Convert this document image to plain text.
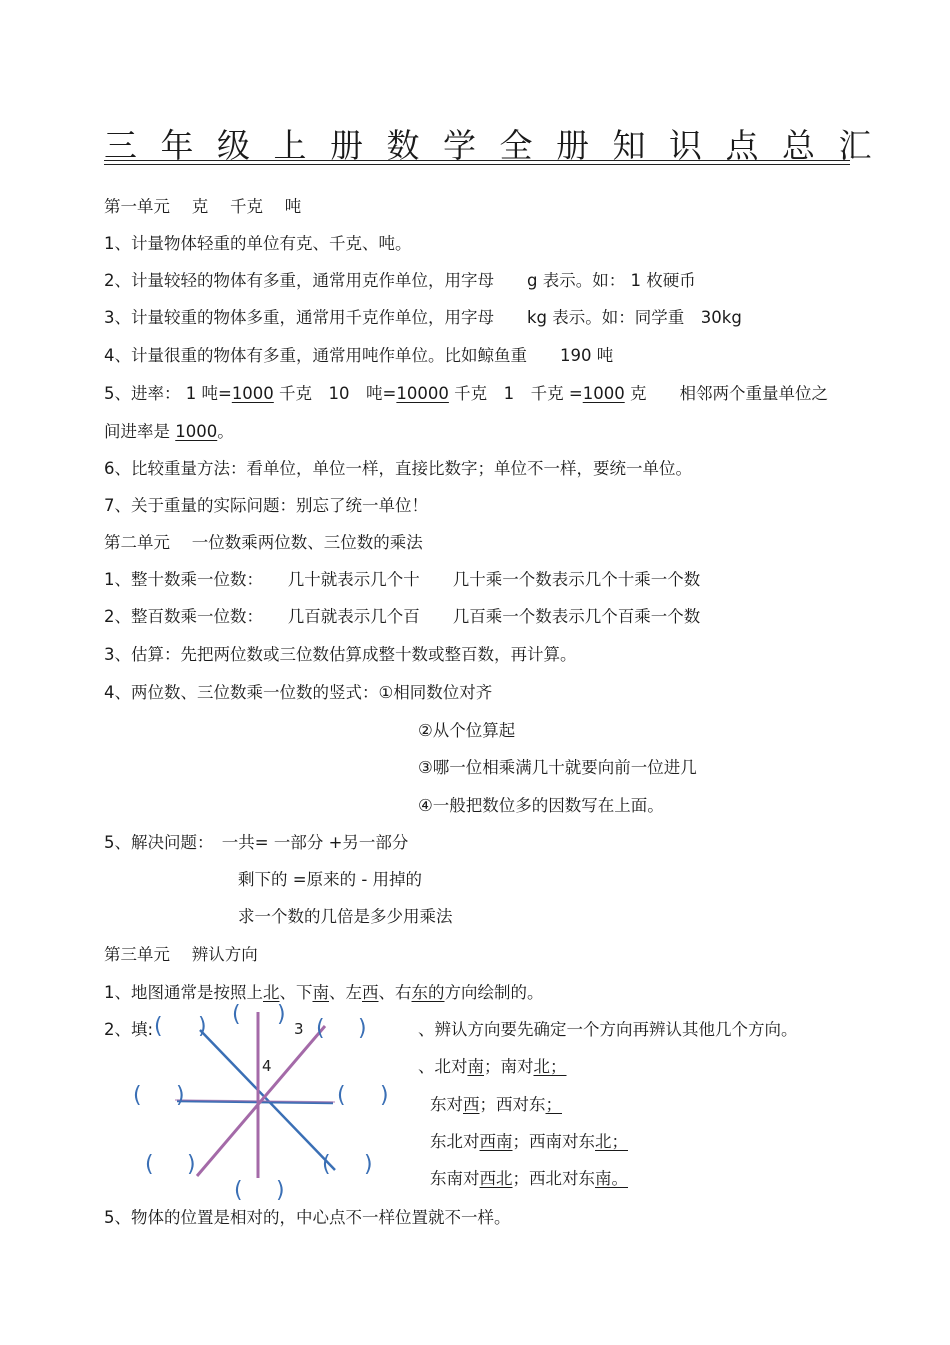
三年级上册数学全册知识点总汇
第一单元　 克　 千克　 吨
1、计量物体轻重的单位有克、千克、吨。
2、计量较轻的物体有多重，通常用克作单位，用字母　　g 表示。如： 1 枚硬币
3、计量较重的物体多重，通常用千克作单位，用字母　　kg 表示。如：同学重　30kg
4、计量很重的物体有多重，通常用吨作单位。比如鲸鱼重　　190 吨
5、进率： 1 吨=1000 千克　10　吨=10000 千克　1　千克 =1000 克　　相邻两个重量单位之
间进率是 1000。
6、比较重量方法：看单位，单位一样，直接比数字；单位不一样，要统一单位。
7、关于重量的实际问题：别忘了统一单位！
第二单元　 一位数乘两位数、三位数的乘法
1、整十数乘一位数：　　几十就表示几个十　　几十乘一个数表示几个十乘一个数
2、整百数乘一位数：　　几百就表示几个百　　几百乘一个数表示几个百乘一个数
3、估算：先把两位数或三位数估算成整十数或整百数，再计算。
4、两位数、三位数乘一位数的竖式：①相同数位对齐
②从个位算起
③哪一位相乘满几十就要向前一位进几
④一般把数位多的因数写在上面。
5、解决问题：　一共= 一部分 +另一部分
剩下的 =原来的 - 用掉的
求一个数的几倍是多少用乘法
第三单元　 辨认方向
1、地图通常是按照上北、下南、左西、右东的方向绘制的。
2、填: ( ) ( )
( )
( )	( )
( )	( )
( )
3
4
、辨认方向要先确定一个方向再辨认其他几个方向。
、北对南；南对北；
东对西；西对东；
东北对西南；西南对东北；
东南对西北；西北对东南。
5、物体的位置是相对的，中心点不一样位置就不一样。
